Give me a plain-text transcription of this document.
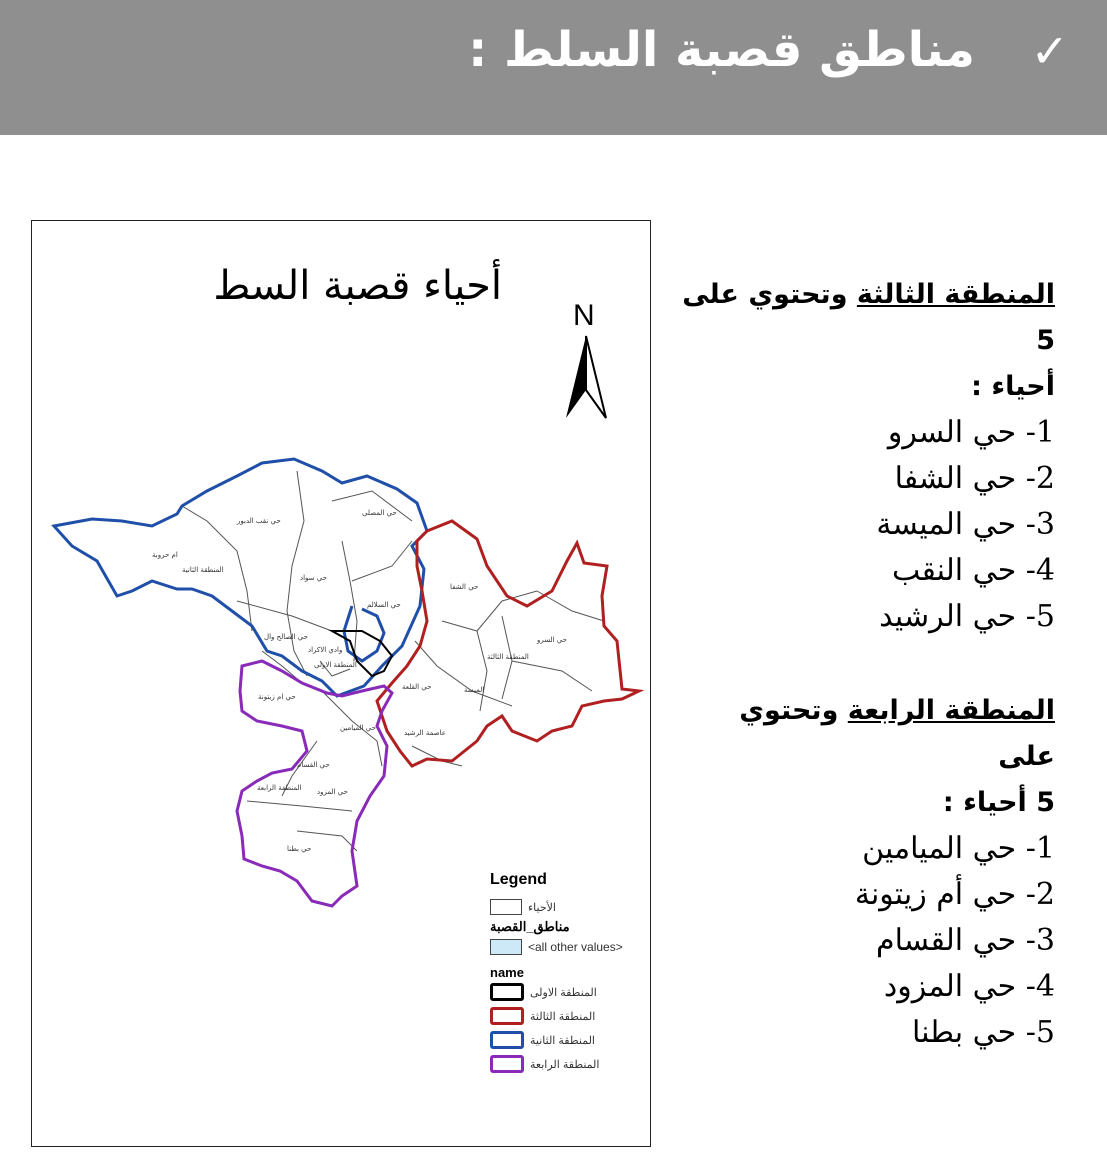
مناطق قصبة السلط : ✓
أحياء قصبة السط
N
حي المصلى
حي نقب الدبور
ام حروبة
المنطقة الثانية
حي سواد
حي السلالم
حي الشفا
حي السرو
المنطقة الثالثة
الميسة
حي الصالح وال
وادي الاكراد
المنطقة الاولى
حي ام زيتونة
حي القلعة
حي الميامين
عاصمة الرشيد
حي القسام
المنطقة الرابعة حي المزود
حي بطنا
Legend
الأحياء
مناطق_القصبة
<all other values>
name
المنطقة الاولى
المنطقة الثالثة
المنطقة الثانية
المنطقة الرابعة
المنطقة الثالثة وتحتوي على 5
أحياء :
1- حي السرو
2- حي الشفا
3- حي الميسة
4- حي النقب
5- حي الرشيد
المنطقة الرابعة وتحتوي على
5 أحياء :
1- حي الميامين
2- حي أم زيتونة
3- حي القسام
4- حي المزود
5- حي بطنا
